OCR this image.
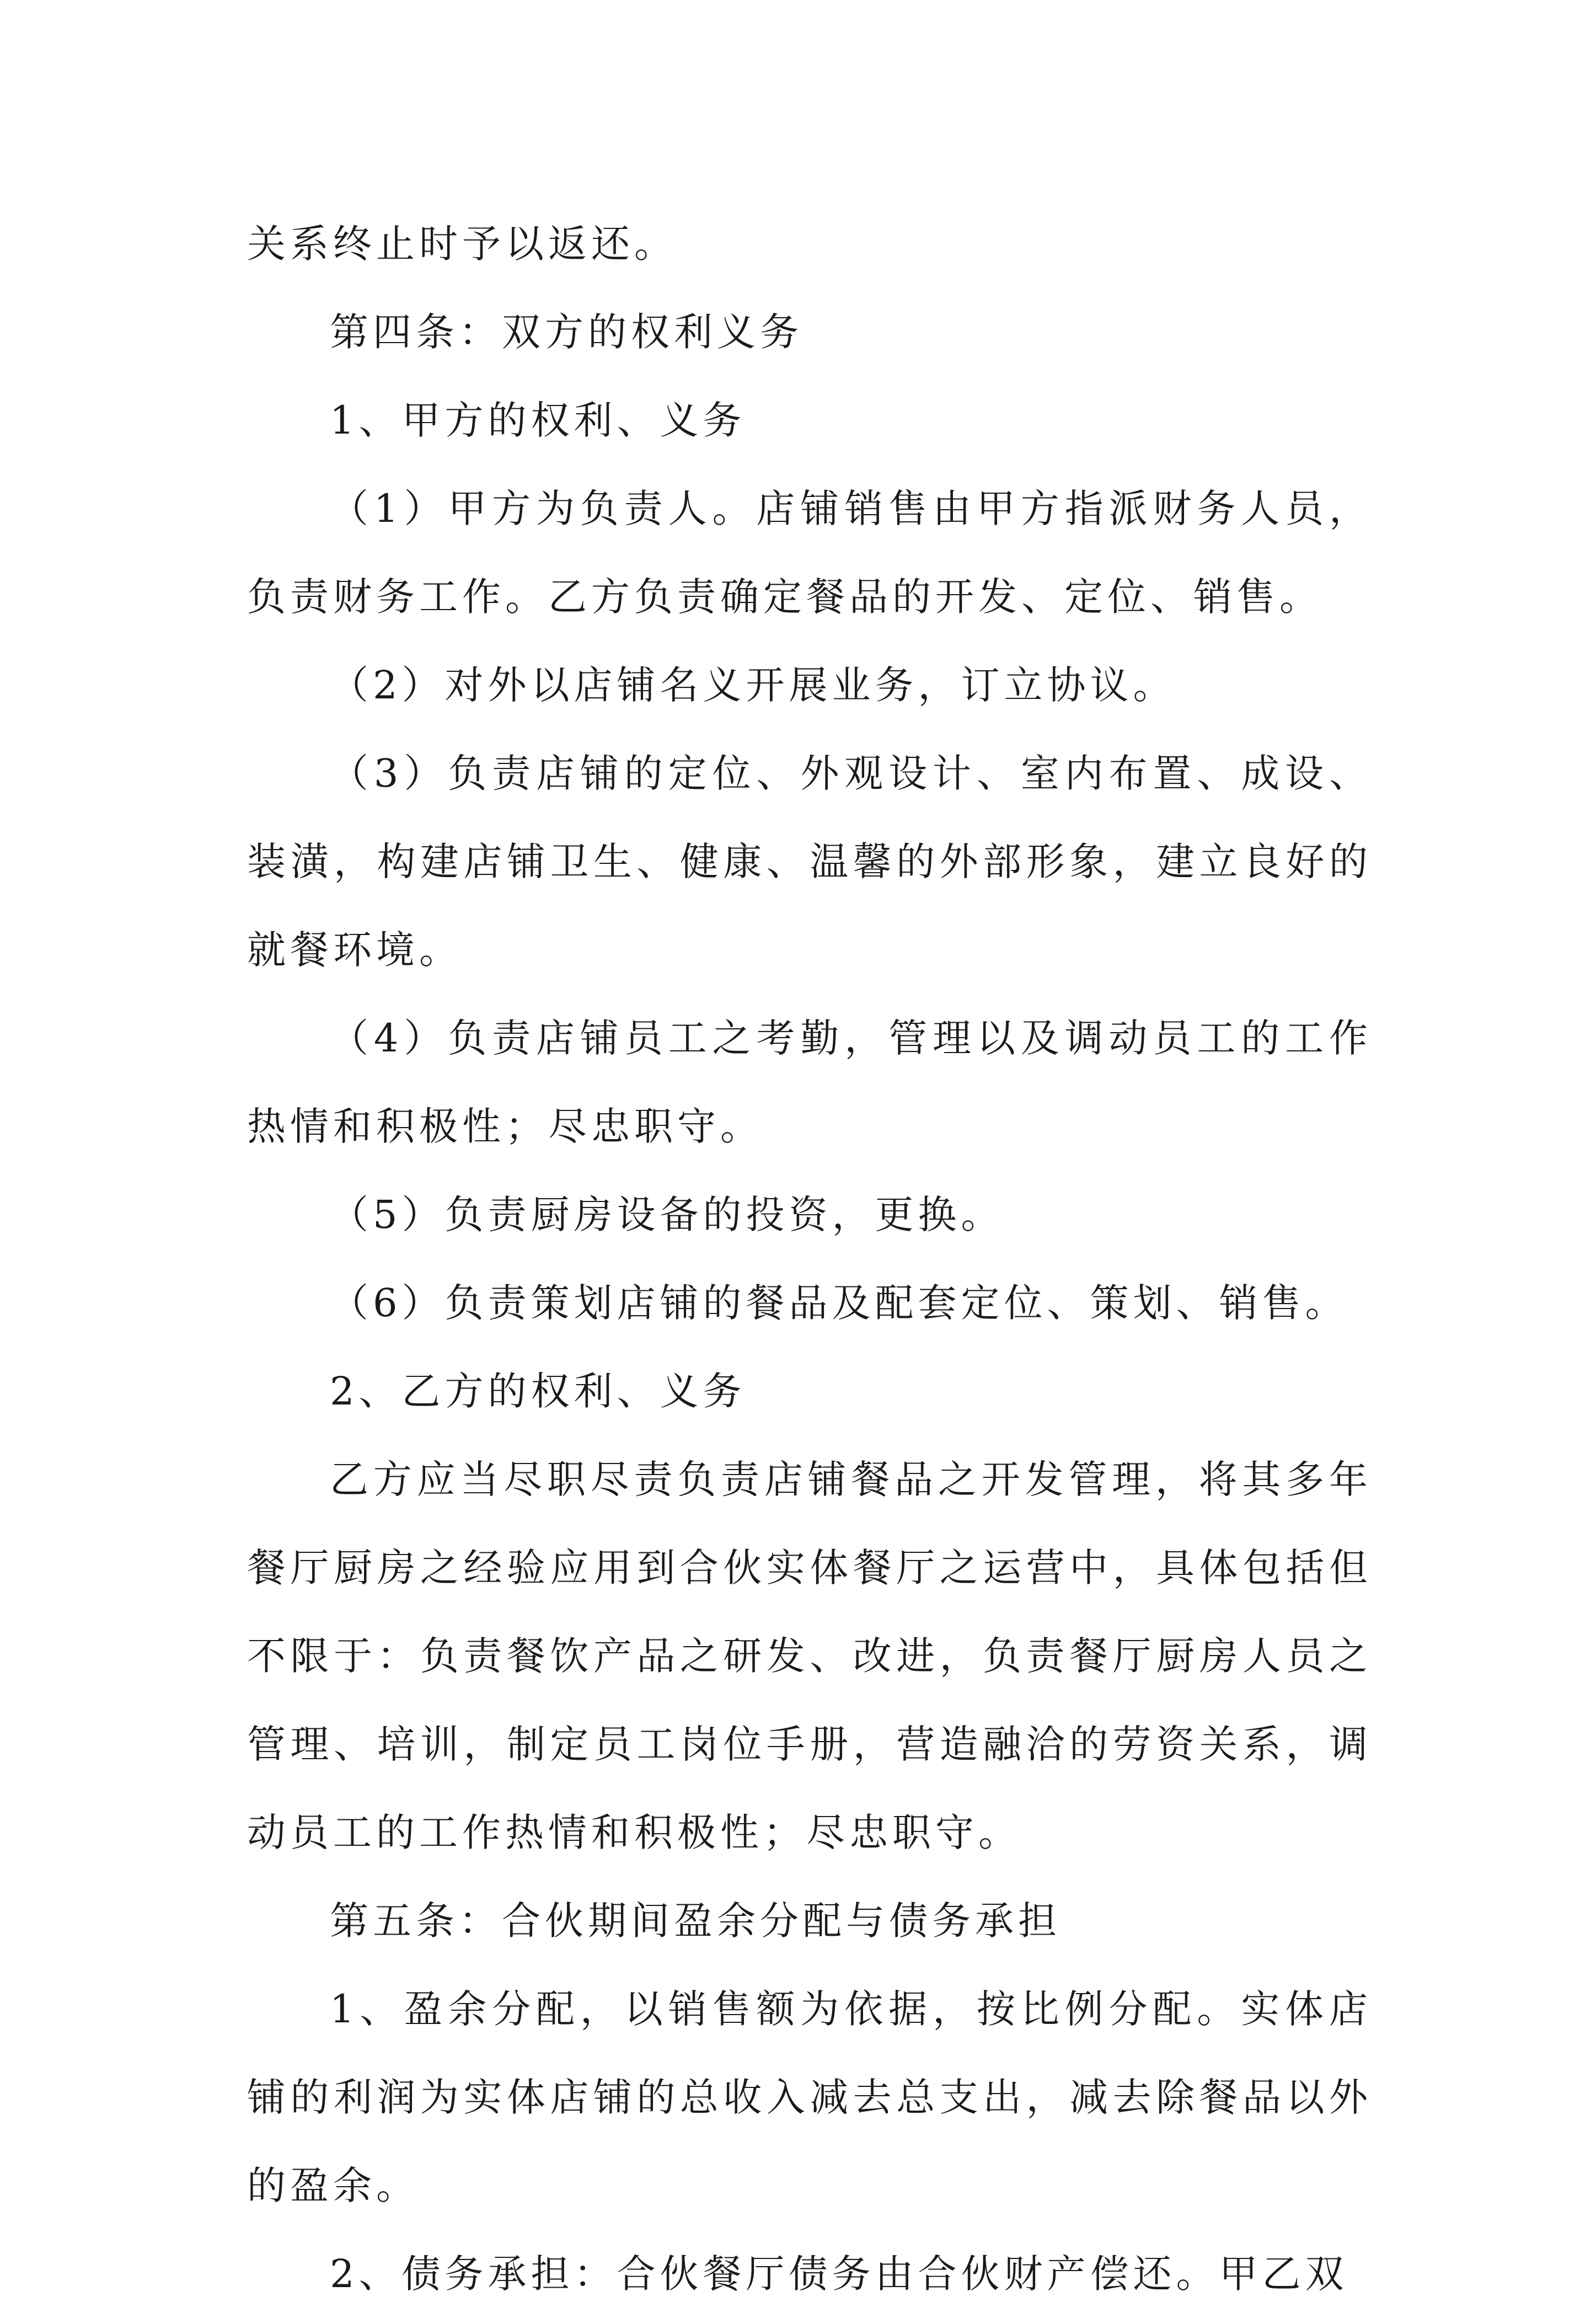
关系终止时予以返还。

第四条：双方的权利义务

1、甲方的权利、义务

（1）甲方为负责人。店铺销售由甲方指派财务人员，负责财务工作。乙方负责确定餐品的开发、定位、销售。

（2）对外以店铺名义开展业务，订立协议。

（3）负责店铺的定位、外观设计、室内布置、成设、装潢，构建店铺卫生、健康、温馨的外部形象，建立良好的就餐环境。

（4）负责店铺员工之考勤，管理以及调动员工的工作热情和积极性；尽忠职守。

（5）负责厨房设备的投资，更换。

（6）负责策划店铺的餐品及配套定位、策划、销售。

2、乙方的权利、义务

乙方应当尽职尽责负责店铺餐品之开发管理，将其多年餐厅厨房之经验应用到合伙实体餐厅之运营中，具体包括但不限于：负责餐饮产品之研发、改进，负责餐厅厨房人员之管理、培训，制定员工岗位手册，营造融洽的劳资关系，调动员工的工作热情和积极性；尽忠职守。

第五条：合伙期间盈余分配与债务承担

1、盈余分配，以销售额为依据，按比例分配。实体店铺的利润为实体店铺的总收入减去总支出，减去除餐品以外的盈余。

2、债务承担：合伙餐厅债务由合伙财产偿还。甲乙双
